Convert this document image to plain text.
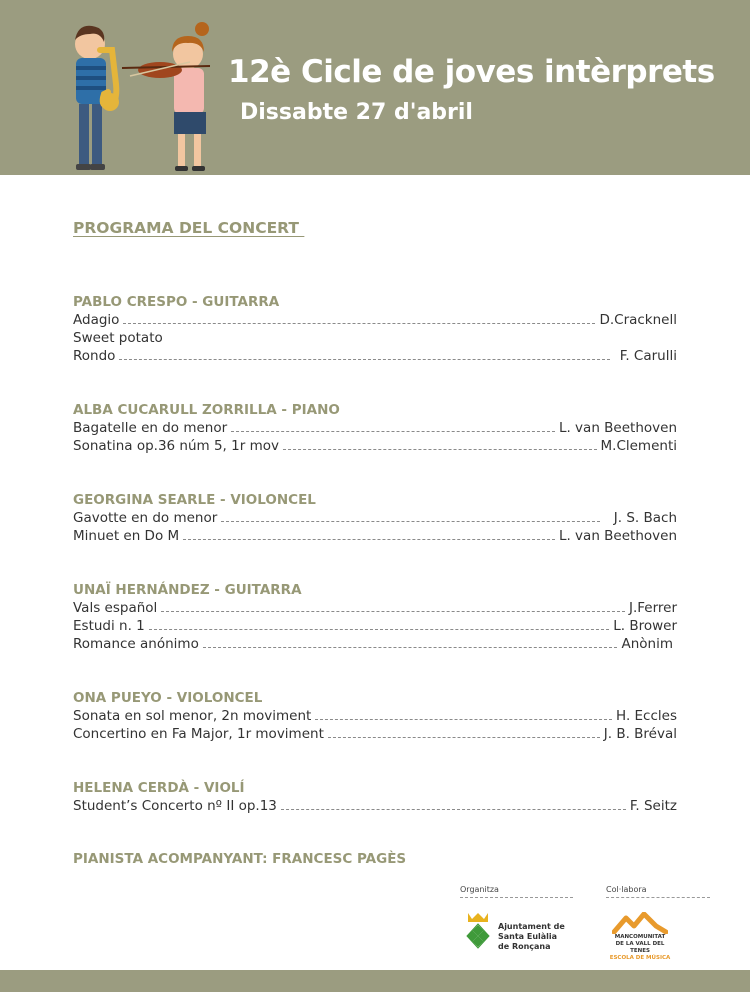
12è Cicle de joves intèrprets
Dissabte 27 d'abril
PROGRAMA DEL CONCERT
PABLO CRESPO - GUITARRA
Adagio	D.Cracknell
Sweet potato
Rondo	F. Carulli
ALBA CUCARULL ZORRILLA - PIANO
Bagatelle en do menor	L. van Beethoven
Sonatina op.36 núm 5, 1r mov	M.Clementi
GEORGINA SEARLE - VIOLONCEL
Gavotte en do menor	J. S. Bach
Minuet en Do M	L. van Beethoven
UNAÏ HERNÁNDEZ - GUITARRA
Vals español	J.Ferrer
Estudi n. 1	L. Brower
Romance anónimo	Anònim
ONA PUEYO - VIOLONCEL
Sonata en sol menor, 2n moviment	H. Eccles
Concertino en Fa Major, 1r moviment	J. B. Bréval
HELENA CERDÀ - VIOLÍ
Student’s Concerto nº II op.13	F. Seitz
PIANISTA ACOMPANYANT: FRANCESC PAGÈS
Organitza	Col·labora
Ajuntament de
Santa Eulàlia
de Ronçana
MANCOMUNITAT
DE LA VALL DEL TENES
ESCOLA DE MÚSICA
